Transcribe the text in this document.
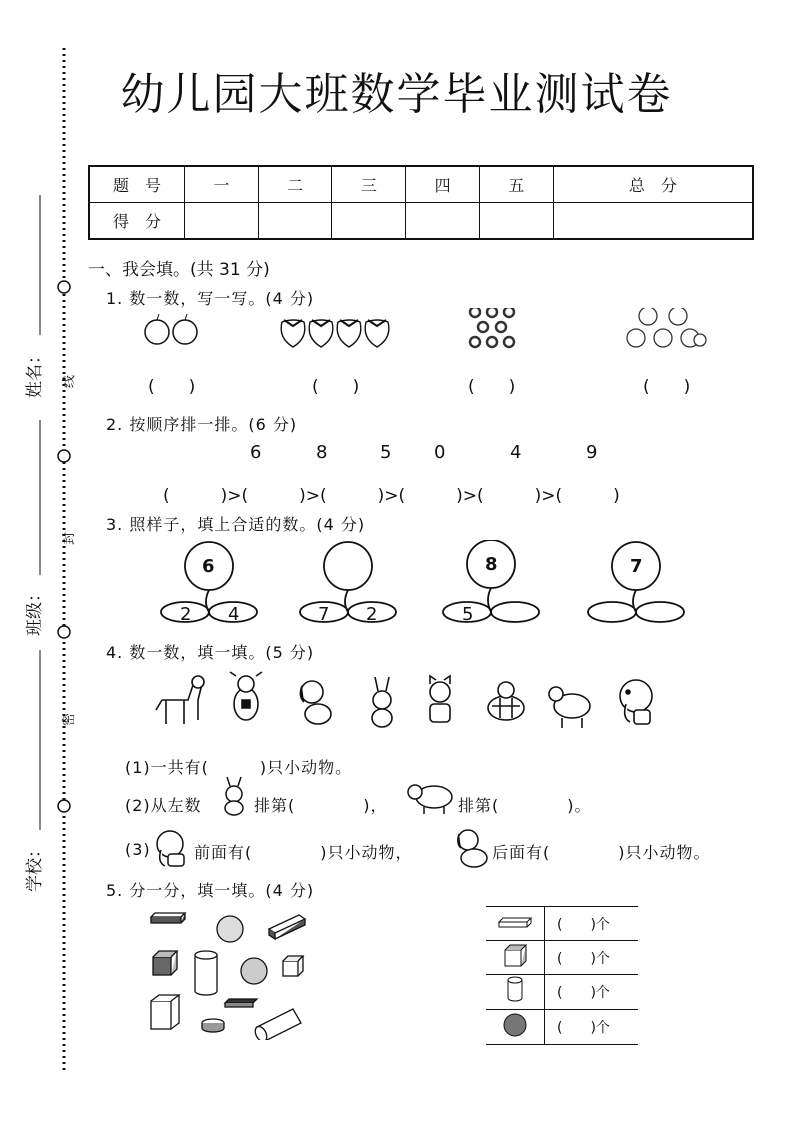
姓名：
班级：
学校：
线
封
密
幼儿园大班数学毕业测试卷
题　号	一	二	三	四	五	总　分
得　分						
一、我会填。(共 31 分)
1. 数一数，写一写。(4 分)
(　　)	(　　)	(　　)	(　　)
2. 按顺序排一排。(6 分)
6	8	5 0	4	9
(　　　)>(　　　)>(　　　)>(　　　)>(　　　)>(　　　)
3. 照样子，填上合适的数。(4 分)
6
2 4	7 2
8
5
7
4. 数一数，填一填。(5 分)
(1)一共有(　　　)只小动物。
(2)从左数	排第(　　　　)，	排第(　　　　)。
(3)	前面有(　　　　)只小动物，	后面有(　　　　)只小动物。
5. 分一分，填一填。(4 分)
	(　　)个
	(　　)个
	(　　)个
	(　　)个
